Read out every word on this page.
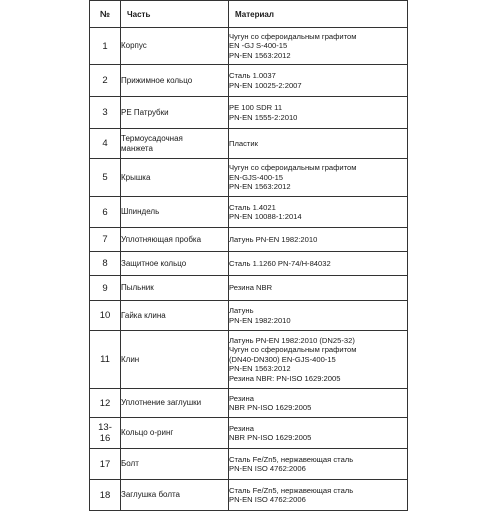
№	Часть	Материал

1	Корпус	Чугун со сфероидальным графитом
EN -GJ S-400-15
PN-EN 1563:2012

2	Прижимное кольцо	Сталь 1.0037
PN-EN 10025-2:2007

3	PE Патрубки	PE 100 SDR 11
PN-EN 1555-2:2010

4	Термоусадочная
манжета	Пластик

5	Крышка	Чугун со сфероидальным графитом
EN-GJS-400-15
PN-EN 1563:2012

6	Шпиндель	Сталь 1.4021
PN-EN 10088-1:2014

7	Уплотняющая пробка	Латунь PN-EN 1982:2010

8	Защитное кольцо	Сталь 1.1260 PN-74/H-84032

9	Пыльник	Резина NBR

10	Гайка клина	Латунь
PN-EN 1982:2010

11	Клин	Латунь PN-EN 1982:2010 (DN25-32)
Чугун со сфероидальным графитом
(DN40-DN300) EN-GJS-400-15
PN-EN 1563:2012
Резина NBR: PN-ISO 1629:2005

12	Уплотнение заглушки	Резина
NBR PN-ISO 1629:2005

13-
16	Кольцо о-ринг	Резина
NBR PN-ISO 1629:2005

17	Болт	Сталь Fe/Zn5, нержавеющая сталь
PN-EN ISO 4762:2006

18	Заглушка болта	Сталь Fe/Zn5, нержавеющая сталь
PN-EN ISO 4762:2006
